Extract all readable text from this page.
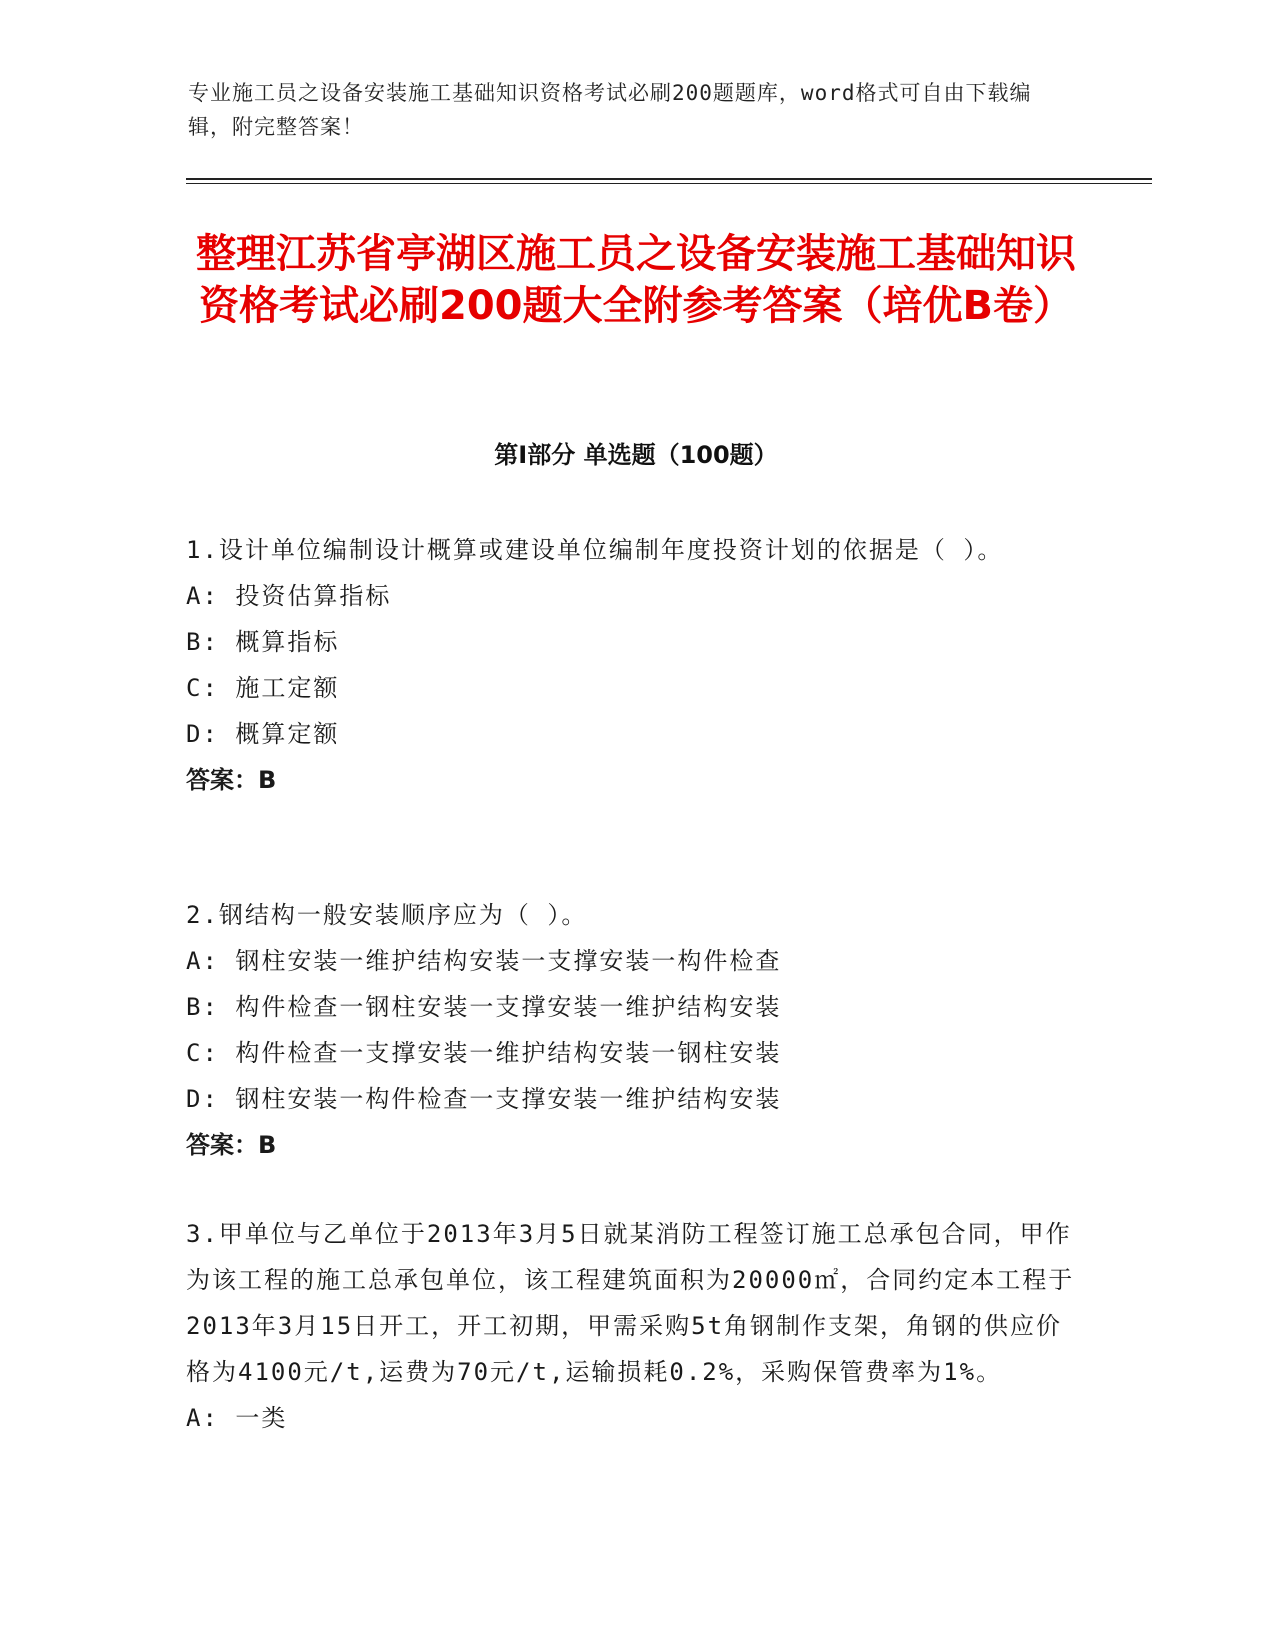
专业施工员之设备安装施工基础知识资格考试必刷200题题库，word格式可自由下载编辑，附完整答案！
整理江苏省亭湖区施工员之设备安装施工基础知识资格考试必刷200题大全附参考答案（培优B卷）
第Ⅰ部分 单选题（100题）
1.设计单位编制设计概算或建设单位编制年度投资计划的依据是（ ）。
A: 投资估算指标
B: 概算指标
C: 施工定额
D: 概算定额
答案：B
2.钢结构一般安装顺序应为（ ）。
A: 钢柱安装一维护结构安装一支撑安装一构件检查
B: 构件检查一钢柱安装一支撑安装一维护结构安装
C: 构件检查一支撑安装一维护结构安装一钢柱安装
D: 钢柱安装一构件检查一支撑安装一维护结构安装
答案：B
3.甲单位与乙单位于2013年3月5日就某消防工程签订施工总承包合同，甲作为该工程的施工总承包单位，该工程建筑面积为20000㎡，合同约定本工程于2013年3月15日开工，开工初期，甲需采购5t角钢制作支架，角钢的供应价格为4100元/t,运费为70元/t,运输损耗0.2%，采购保管费率为1%。
A: 一类
